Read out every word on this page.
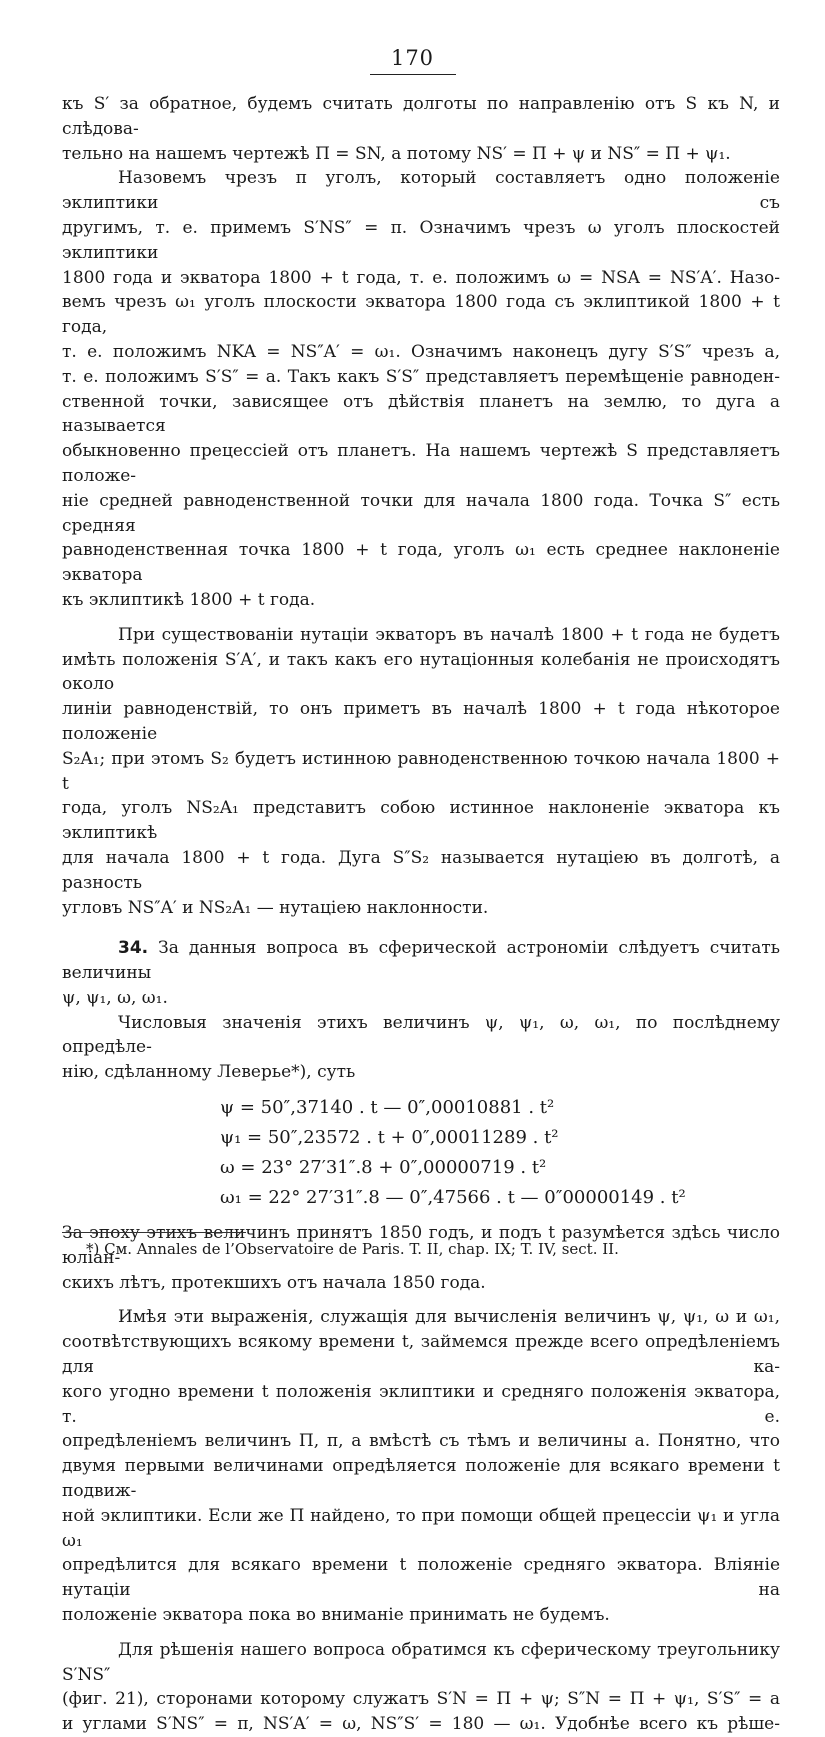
170

къ S′ за обратное, будемъ считать долготы по направленію отъ S къ N, и слѣдова-

тельно на нашемъ чертежѣ Π = SN, а потому NS′ = Π + ψ и NS″ = Π + ψ₁.

Назовемъ чрезъ π уголъ, который составляетъ одно положеніе эклиптики съ

другимъ, т. е. примемъ S′NS″ = π. Означимъ чрезъ ω уголъ плоскостей эклиптики

1800 года и экватора 1800 + t года, т. е. положимъ ω = NSA = NS′A′. Назо-

вемъ чрезъ ω₁ уголъ плоскости экватора 1800 года съ эклиптикой 1800 + t года,

т. е. положимъ NKA = NS″A′ = ω₁. Означимъ наконецъ дугу S′S″ чрезъ a,

т. е. положимъ S′S″ = a. Такъ какъ S′S″ представляетъ перемѣщеніе равноден-

ственной точки, зависящее отъ дѣйствія планетъ на землю, то дуга a называется

обыкновенно прецессіей отъ планетъ. На нашемъ чертежѣ S представляетъ положе-

ніе средней равноденственной точки для начала 1800 года. Точка S″ есть средняя

равноденственная точка 1800 + t года, уголъ ω₁ есть среднее наклоненіе экватора

къ эклиптикѣ 1800 + t года.

При существованіи нутаціи экваторъ въ началѣ 1800 + t года не будетъ

имѣть положенія S′A′, и такъ какъ его нутаціонныя колебанія не происходятъ около

линіи равноденствій, то онъ приметъ въ началѣ 1800 + t года нѣкоторое положеніе

S₂A₁; при этомъ S₂ будетъ истинною равноденственною точкою начала 1800 + t

года, уголъ NS₂A₁ представитъ собою истинное наклоненіе экватора къ эклиптикѣ

для начала 1800 + t года. Дуга S″S₂ называется нутаціею въ долготѣ, а разность

угловъ NS″A′ и NS₂A₁ — нутаціею наклонности.

34. За данныя вопроса въ сферической астрономіи слѣдуетъ считать величины

ψ, ψ₁, ω, ω₁.

Числовыя значенія этихъ величинъ ψ, ψ₁, ω, ω₁, по послѣднему опредѣле-

нію, сдѣланному Леверье*), суть

ψ = 50″,37140 . t — 0″,00010881 . t²
ψ₁ = 50″,23572 . t + 0″,00011289 . t²
ω = 23° 27′31″.8 + 0″,00000719 . t²
ω₁ = 22° 27′31″.8 — 0″,47566 . t — 0″00000149 . t²

За эпоху этихъ величинъ принятъ 1850 годъ, и подъ t разумѣется здѣсь число юліан-

скихъ лѣтъ, протекшихъ отъ начала 1850 года.

Имѣя эти выраженія, служащія для вычисленія величинъ ψ, ψ₁, ω и ω₁,

соотвѣтствующихъ всякому времени t, займемся прежде всего опредѣленіемъ для ка-

кого угодно времени t положенія эклиптики и средняго положенія экватора, т. е.

опредѣленіемъ величинъ Π, π, а вмѣстѣ съ тѣмъ и величины a. Понятно, что

двумя первыми величинами опредѣляется положеніе для всякаго времени t подвиж-

ной эклиптики. Если же Π найдено, то при помощи общей прецессіи ψ₁ и угла ω₁

опредѣлится для всякаго времени t положеніе средняго экватора. Вліяніе нутаціи на

положеніе экватора пока во вниманіе принимать не будемъ.

Для рѣшенія нашего вопроса обратимся къ сферическому треугольнику S′NS″

(фиг. 21), сторонами которому служатъ S′N = Π + ψ; S″N = Π + ψ₁, S′S″ = a

и углами S′NS″ = π, NS′A′ = ω, NS″S′ = 180 — ω₁. Удобнѣе всего къ рѣше-

*) См. Annales de l’Observatoire de Paris. T. II, chap. IX; T. IV, sect. II.
